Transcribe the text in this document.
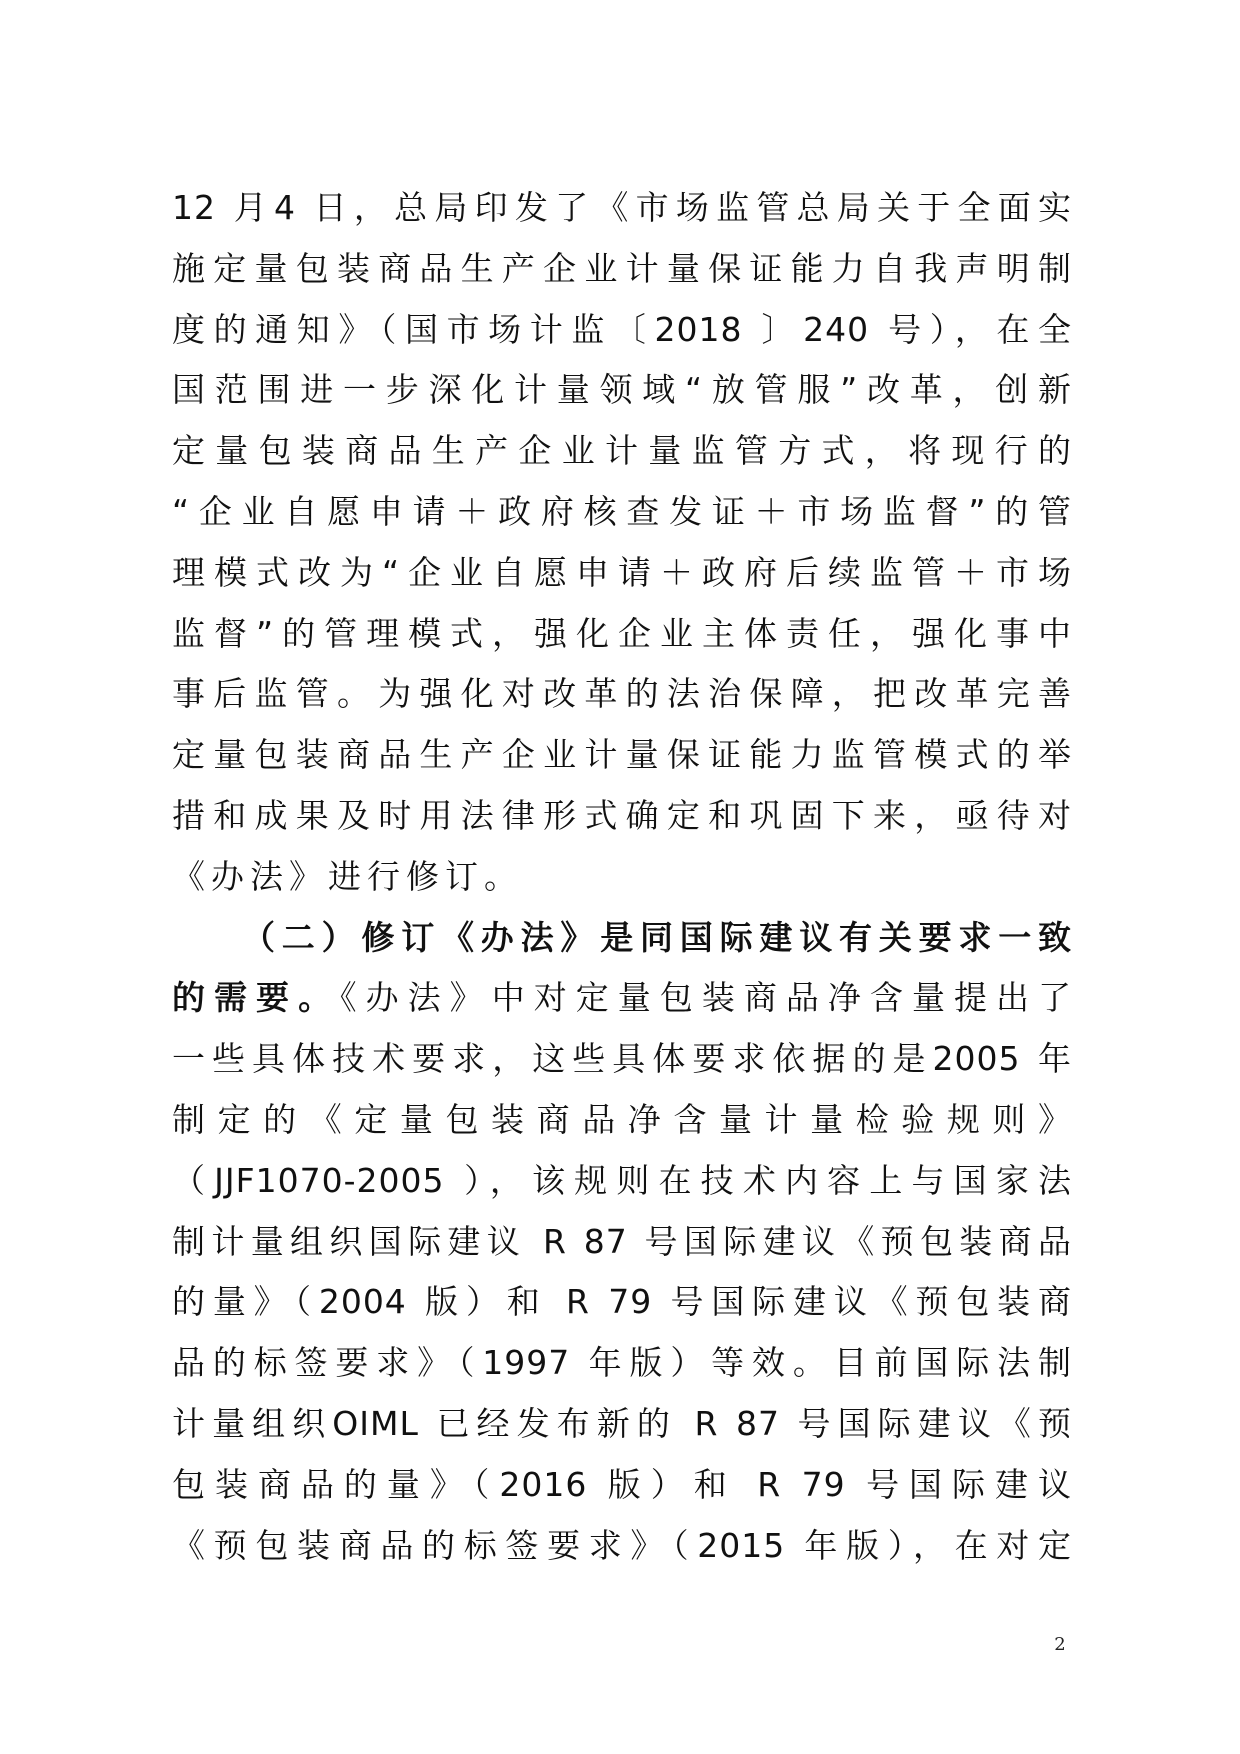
12 月4 日，总局印发了《市场监管总局关于全面实
施定量包装商品生产企业计量保证能力自我声明制
度的通知》（国市场计监〔2018 〕240 号），在全
国范围进一步深化计量领域“放管服”改革，创新
定量包装商品生产企业计量监管方式，将现行的
“企业自愿申请＋政府核查发证＋市场监督”的管
理模式改为“企业自愿申请＋政府后续监管＋市场
监督”的管理模式，强化企业主体责任，强化事中
事后监管。为强化对改革的法治保障，把改革完善
定量包装商品生产企业计量保证能力监管模式的举
措和成果及时用法律形式确定和巩固下来，亟待对
《办法》进行修订。
（二）修订《办法》是同国际建议有关要求一致
的需要。《办法》中对定量包装商品净含量提出了
一些具体技术要求，这些具体要求依据的是2005 年
制定的《定量包装商品净含量计量检验规则》
（JJF1070-2005 ），该规则在技术内容上与国家法
制计量组织国际建议 R 87 号国际建议《预包装商品
的量》（2004 版）和 R 79 号国际建议《预包装商
品的标签要求》（1997 年版）等效。目前国际法制
计量组织OIML 已经发布新的 R 87 号国际建议《预
包装商品的量》（2016 版）和 R 79 号国际建议
《预包装商品的标签要求》（2015 年版），在对定
2
